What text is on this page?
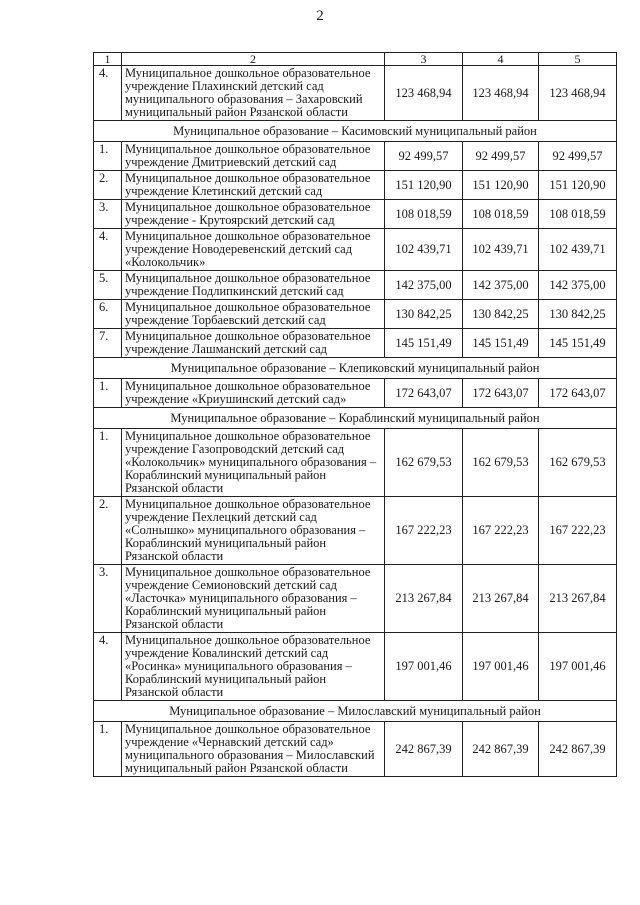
2
1	2	3	4	5
4.	Муниципальное дошкольное образовательное учреждение Плахинский детский сад муниципального образования – Захаровский муниципальный район Рязанской области	123 468,94	123 468,94	123 468,94
Муниципальное образование – Касимовский муниципальный район				
1.	Муниципальное дошкольное образовательное учреждение Дмитриевский детский сад	92 499,57	92 499,57	92 499,57
2.	Муниципальное дошкольное образовательное учреждение Клетинский детский сад	151 120,90	151 120,90	151 120,90
3.	Муниципальное дошкольное образовательное учреждение - Крутоярский детский сад	108 018,59	108 018,59	108 018,59
4.	Муниципальное дошкольное образовательное учреждение Новодеревенский детский сад «Колокольчик»	102 439,71	102 439,71	102 439,71
5.	Муниципальное дошкольное образовательное учреждение Подлипкинский детский сад	142 375,00	142 375,00	142 375,00
6.	Муниципальное дошкольное образовательное учреждение Торбаевский детский сад	130 842,25	130 842,25	130 842,25
7.	Муниципальное дошкольное образовательное учреждение Лашманский детский сад	145 151,49	145 151,49	145 151,49
Муниципальное образование – Клепиковский муниципальный район				
1.	Муниципальное дошкольное образовательное учреждение «Криушинский детский сад»	172 643,07	172 643,07	172 643,07
Муниципальное образование – Кораблинский муниципальный район				
1.	Муниципальное дошкольное образовательное учреждение Газопроводский детский сад «Колокольчик» муниципального образования – Кораблинский муниципальный район Рязанской области	162 679,53	162 679,53	162 679,53
2.	Муниципальное дошкольное образовательное учреждение Пехлецкий детский сад «Солнышко» муниципального образования – Кораблинский муниципальный район Рязанской области	167 222,23	167 222,23	167 222,23
3.	Муниципальное дошкольное образовательное учреждение Семионовский детский сад «Ласточка» муниципального образования – Кораблинский муниципальный район Рязанской области	213 267,84	213 267,84	213 267,84
4.	Муниципальное дошкольное образовательное учреждение Ковалинский детский сад «Росинка» муниципального образования – Кораблинский муниципальный район Рязанской области	197 001,46	197 001,46	197 001,46
Муниципальное образование – Милославский муниципальный район				
1.	Муниципальное дошкольное образовательное учреждение «Чернавский детский сад» муниципального образования – Милославский муниципальный район Рязанской области	242 867,39	242 867,39	242 867,39
